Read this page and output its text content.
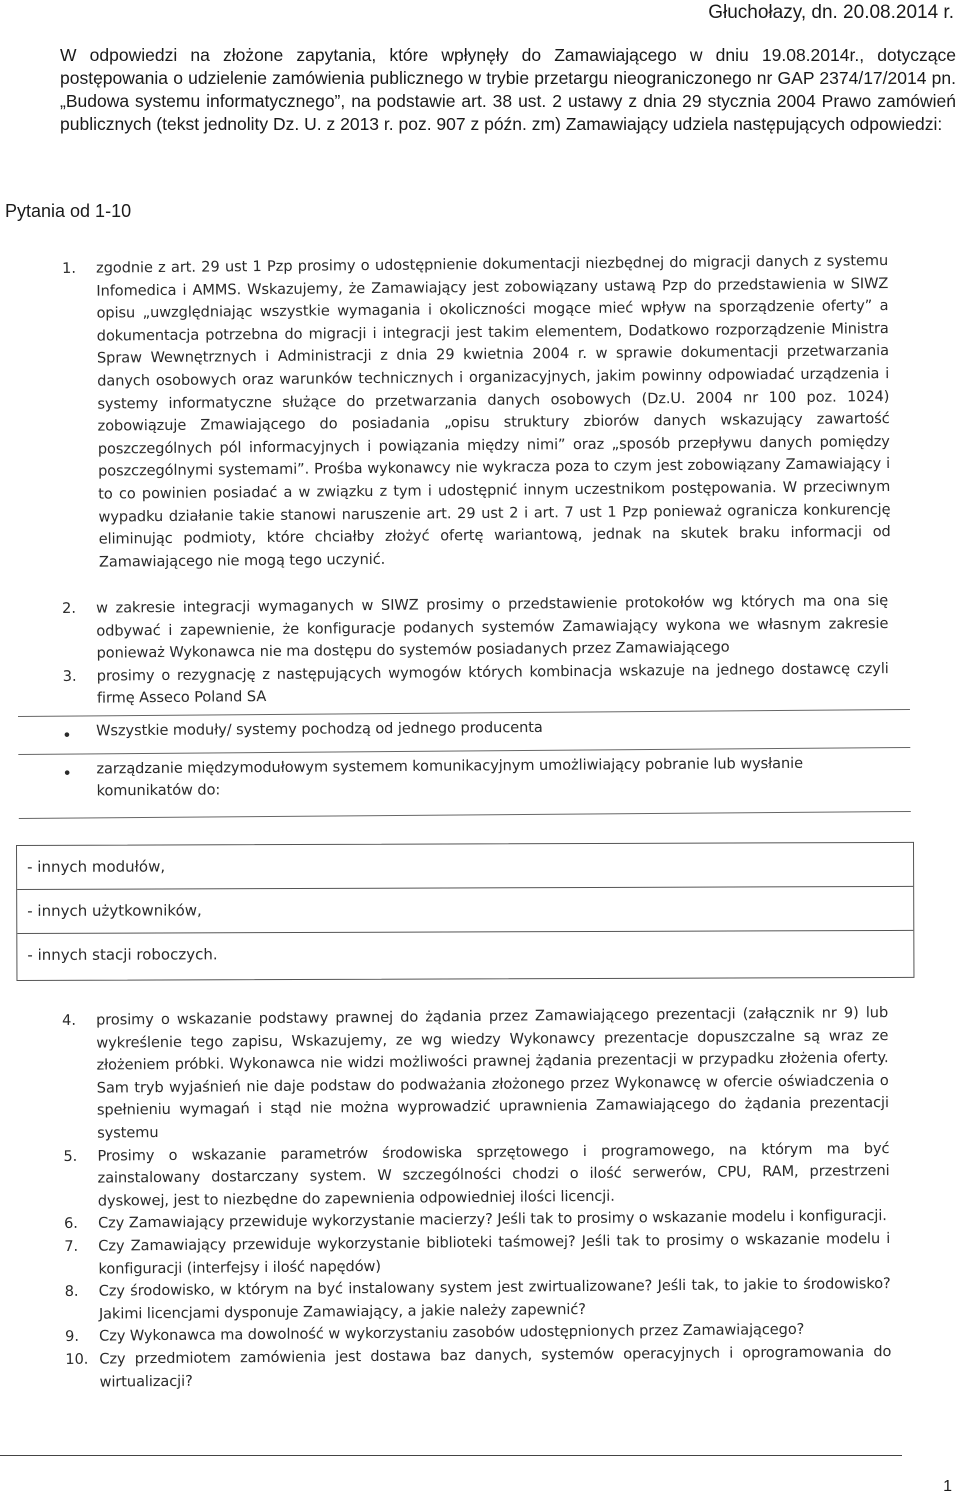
Głuchołazy, dn. 20.08.2014 r.

W odpowiedzi na złożone zapytania, które wpłynęły do Zamawiającego w dniu 19.08.2014r., dotyczące postępowania o udzielenie zamówienia publicznego w trybie przetargu nieograniczonego nr GAP 2374/17/2014 pn. „Budowa systemu informatycznego”, na podstawie art. 38 ust. 2 ustawy z dnia 29 stycznia 2004 Prawo zamówień publicznych (tekst jednolity Dz. U. z 2013 r. poz. 907 z późn. zm) Zamawiający udziela następujących odpowiedzi:

Pytania od 1-10
1. zgodnie z art. 29 ust 1 Pzp prosimy o udostępnienie dokumentacji niezbędnej do migracji danych z systemu Infomedica i AMMS. Wskazujemy, że Zamawiający jest zobowiązany ustawą Pzp do przedstawienia w SIWZ opisu „uwzględniając wszystkie wymagania i okoliczności mogące mieć wpływ na sporządzenie oferty” a dokumentacja potrzebna do migracji i integracji jest takim elementem, Dodatkowo rozporządzenie Ministra Spraw Wewnętrznych i Administracji z dnia 29 kwietnia 2004 r. w sprawie dokumentacji przetwarzania danych osobowych oraz warunków technicznych i organizacyjnych, jakim powinny odpowiadać urządzenia i systemy informatyczne służące do przetwarzania danych osobowych (Dz.U. 2004 nr 100 poz. 1024) zobowiązuje Zmawiającego do posiadania „opisu struktury zbiorów danych wskazujący zawartość poszczególnych pól informacyjnych i powiązania między nimi” oraz „sposób przepływu danych pomiędzy poszczególnymi systemami”. Prośba wykonawcy nie wykracza poza to czym jest zobowiązany Zamawiający i to co powinien posiadać a w związku z tym i udostępnić innym uczestnikom postępowania. W przeciwnym wypadku działanie takie stanowi naruszenie art. 29 ust 2 i art. 7 ust 1 Pzp ponieważ ogranicza konkurencję eliminując podmioty, które chciałby złożyć ofertę wariantową, jednak na skutek braku informacji od Zamawiającego nie mogą tego uczynić.
2. w zakresie integracji wymaganych w SIWZ prosimy o przedstawienie protokołów wg których ma ona się odbywać i zapewnienie, że konfiguracje podanych systemów Zamawiający wykona we własnym zakresie ponieważ Wykonawca nie ma dostępu do systemów posiadanych przez Zamawiającego
3. prosimy o rezygnację z następujących wymogów których kombinacja wskazuje na jednego dostawcę czyli firmę Asseco Poland SA
• Wszystkie moduły/ systemy pochodzą od jednego producenta
• zarządzanie międzymodułowym systemem komunikacyjnym umożliwiający pobranie lub wysłanie komunikatów do:
- innych modułów,
- innych użytkowników,
- innych stacji roboczych.
4. prosimy o wskazanie podstawy prawnej do żądania przez Zamawiającego prezentacji (załącznik nr 9) lub wykreślenie tego zapisu, Wskazujemy, ze wg wiedzy Wykonawcy prezentacje dopuszczalne są wraz ze złożeniem próbki. Wykonawca nie widzi możliwości prawnej żądania prezentacji w przypadku złożenia oferty. Sam tryb wyjaśnień nie daje podstaw do podważania złożonego przez Wykonawcę w ofercie oświadczenia o spełnieniu wymagań i stąd nie można wyprowadzić uprawnienia Zamawiającego do żądania prezentacji systemu
5. Prosimy o wskazanie parametrów środowiska sprzętowego i programowego, na którym ma być zainstalowany dostarczany system. W szczególności chodzi o ilość serwerów, CPU, RAM, przestrzeni dyskowej, jest to niezbędne do zapewnienia odpowiedniej ilości licencji.
6. Czy Zamawiający przewiduje wykorzystanie macierzy? Jeśli tak to prosimy o wskazanie modelu i konfiguracji.
7. Czy Zamawiający przewiduje wykorzystanie biblioteki taśmowej? Jeśli tak to prosimy o wskazanie modelu i konfiguracji (interfejsy i ilość napędów)
8. Czy środowisko, w którym na być instalowany system jest zwirtualizowane? Jeśli tak, to jakie to środowisko? Jakimi licencjami dysponuje Zamawiający, a jakie należy zapewnić?
9. Czy Wykonawca ma dowolność w wykorzystaniu zasobów udostępnionych przez Zamawiającego?
10. Czy przedmiotem zamówienia jest dostawa baz danych, systemów operacyjnych i oprogramowania do wirtualizacji?
1
